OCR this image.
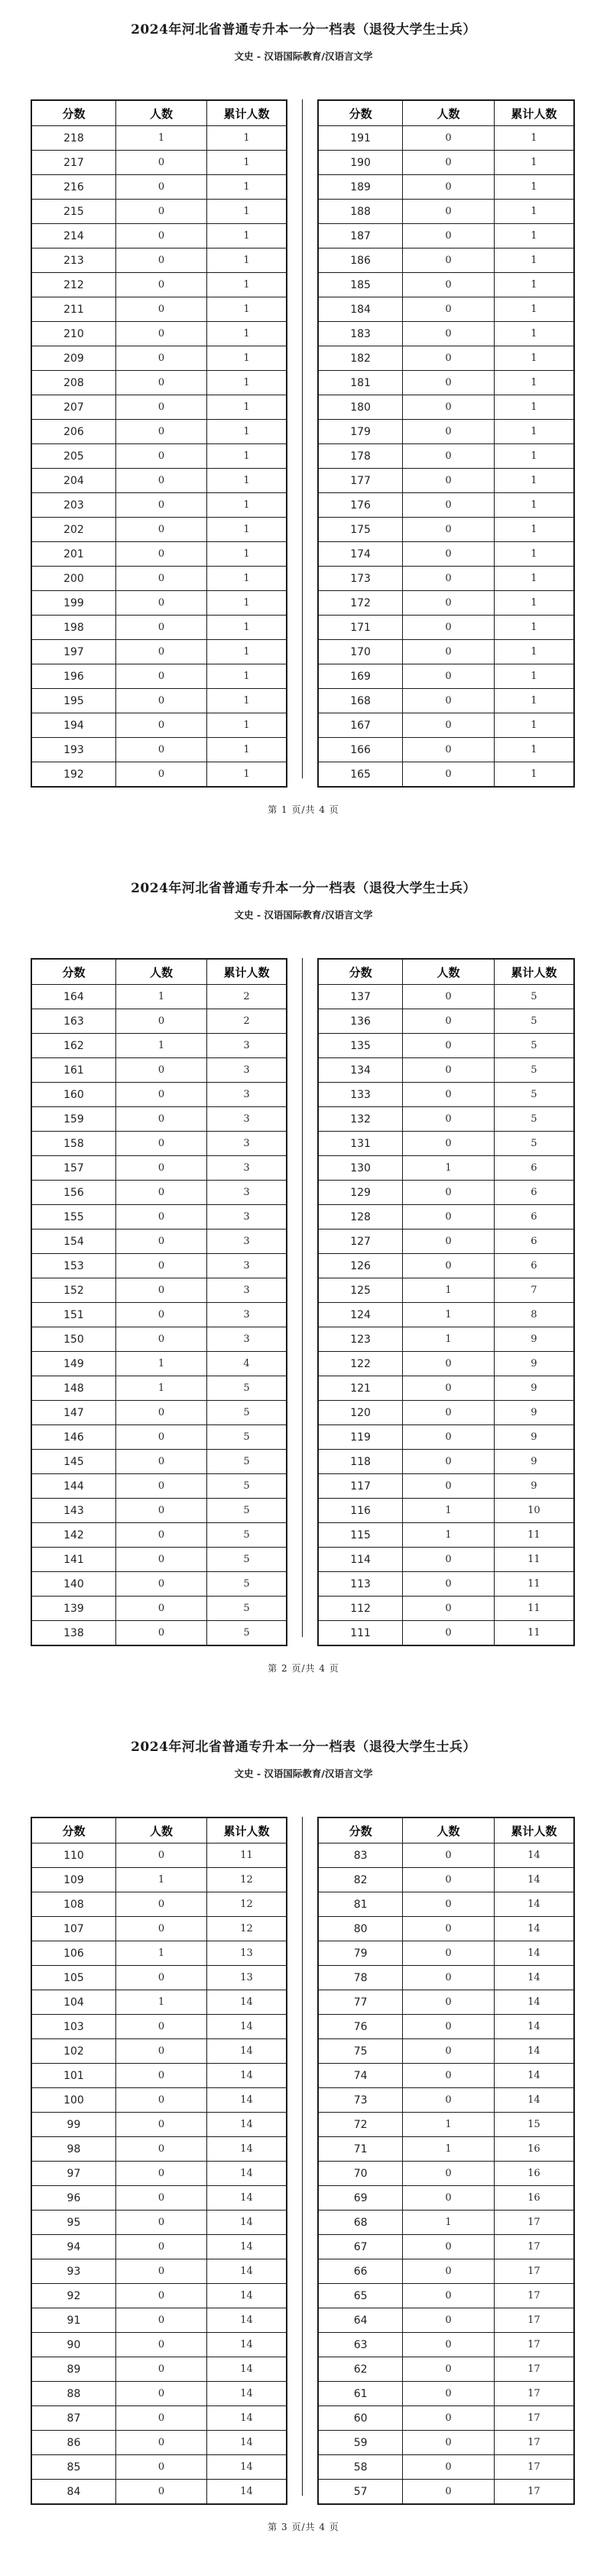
2024年河北省普通专升本一分一档表（退役大学生士兵）
文史 - 汉语国际教育/汉语言文学
分数	人数	累计人数
218	1	1
217	0	1
216	0	1
215	0	1
214	0	1
213	0	1
212	0	1
211	0	1
210	0	1
209	0	1
208	0	1
207	0	1
206	0	1
205	0	1
204	0	1
203	0	1
202	0	1
201	0	1
200	0	1
199	0	1
198	0	1
197	0	1
196	0	1
195	0	1
194	0	1
193	0	1
192	0	1
分数	人数	累计人数
191	0	1
190	0	1
189	0	1
188	0	1
187	0	1
186	0	1
185	0	1
184	0	1
183	0	1
182	0	1
181	0	1
180	0	1
179	0	1
178	0	1
177	0	1
176	0	1
175	0	1
174	0	1
173	0	1
172	0	1
171	0	1
170	0	1
169	0	1
168	0	1
167	0	1
166	0	1
165	0	1
第 1 页/共 4 页
2024年河北省普通专升本一分一档表（退役大学生士兵）
文史 - 汉语国际教育/汉语言文学
分数	人数	累计人数
164	1	2
163	0	2
162	1	3
161	0	3
160	0	3
159	0	3
158	0	3
157	0	3
156	0	3
155	0	3
154	0	3
153	0	3
152	0	3
151	0	3
150	0	3
149	1	4
148	1	5
147	0	5
146	0	5
145	0	5
144	0	5
143	0	5
142	0	5
141	0	5
140	0	5
139	0	5
138	0	5
分数	人数	累计人数
137	0	5
136	0	5
135	0	5
134	0	5
133	0	5
132	0	5
131	0	5
130	1	6
129	0	6
128	0	6
127	0	6
126	0	6
125	1	7
124	1	8
123	1	9
122	0	9
121	0	9
120	0	9
119	0	9
118	0	9
117	0	9
116	1	10
115	1	11
114	0	11
113	0	11
112	0	11
111	0	11
第 2 页/共 4 页
2024年河北省普通专升本一分一档表（退役大学生士兵）
文史 - 汉语国际教育/汉语言文学
分数	人数	累计人数
110	0	11
109	1	12
108	0	12
107	0	12
106	1	13
105	0	13
104	1	14
103	0	14
102	0	14
101	0	14
100	0	14
99	0	14
98	0	14
97	0	14
96	0	14
95	0	14
94	0	14
93	0	14
92	0	14
91	0	14
90	0	14
89	0	14
88	0	14
87	0	14
86	0	14
85	0	14
84	0	14
分数	人数	累计人数
83	0	14
82	0	14
81	0	14
80	0	14
79	0	14
78	0	14
77	0	14
76	0	14
75	0	14
74	0	14
73	0	14
72	1	15
71	1	16
70	0	16
69	0	16
68	1	17
67	0	17
66	0	17
65	0	17
64	0	17
63	0	17
62	0	17
61	0	17
60	0	17
59	0	17
58	0	17
57	0	17
第 3 页/共 4 页
